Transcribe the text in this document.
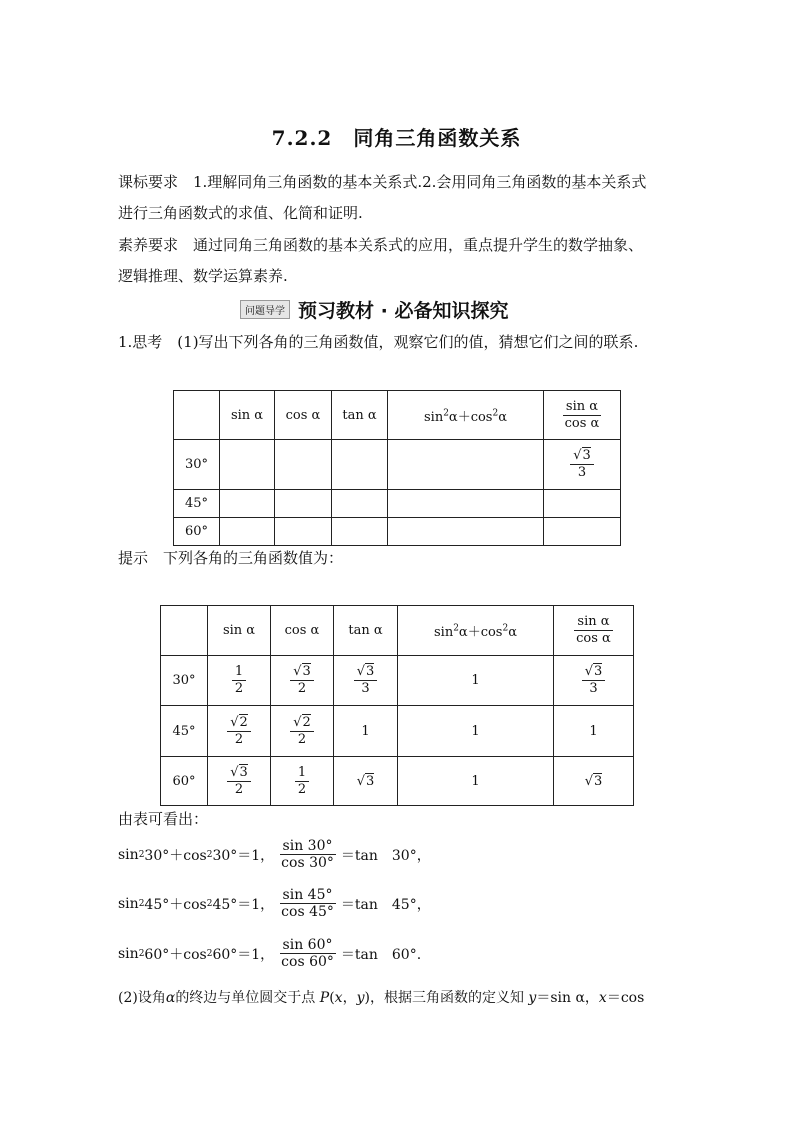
7.2.2　同角三角函数关系
课标要求　1.理解同角三角函数的基本关系式.2.会用同角三角函数的基本关系式
进行三角函数式的求值、化简和证明.
素养要求　通过同角三角函数的基本关系式的应用，重点提升学生的数学抽象、
逻辑推理、数学运算素养.
问题导学 预习教材 · 必备知识探究
1.思考　(1)写出下列各角的三角函数值，观察它们的值，猜想它们之间的联系.
	sin α	cos α	tan α	$\sin^2\alpha+\cos^2\alpha$	$\frac{\text{sin α}}{\text{cos α}}$

30°					$\frac{√3}{3}$

45°					
60°					
提示　下列各角的三角函数值为：
	sin α	cos α	tan α	$\sin^2\alpha+\cos^2\alpha$	$\frac{\text{sin α}}{\text{cos α}}$

30°	$\frac{1}{2}$	$\frac{√3}{2}$	$\frac{√3}{3}$	1	$\frac{√3}{3}$

45°	$\frac{√2}{2}$	$\frac{√2}{2}$	1	1	1
60°	$\frac{√3}{2}$	$\frac{1}{2}$	√3	1	√3
由表可看出：
sin 2 30°＋cos 2 30°＝1， $\frac{\sin 30^\circ}{\cos 30^\circ} =\tan$　30°，
sin 2 45°＋cos 2 45°＝1， $\frac{\sin 45^\circ}{\cos 45^\circ} =\tan$　45°，
sin 2 60°＋cos 2 60°＝1， $\frac{\sin 60^\circ}{\cos 60^\circ} =\tan$　60°.
(2)设角α的终边与单位圆交于点 P(x，y)，根据三角函数的定义知 y＝sin α，x＝cos
